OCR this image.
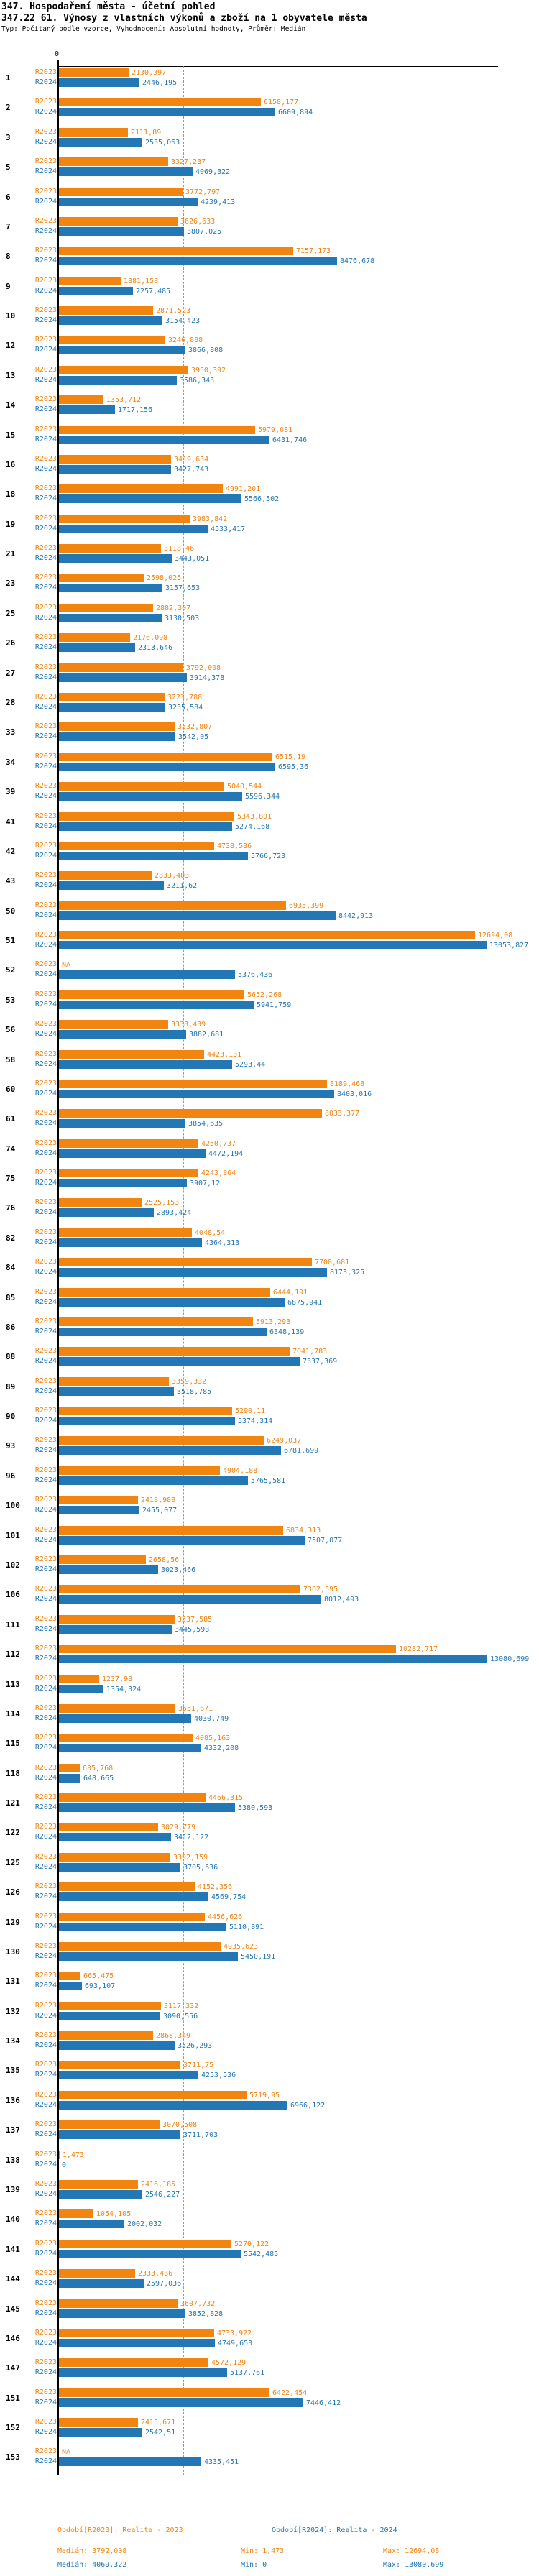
347. Hospodaření města - účetní pohled
347.22 61. Výnosy z vlastních výkonů a zboží na 1 obyvatele města
Typ: Počítaný podle vzorce, Vyhodnocení: Absolutní hodnoty, Průměr: Medián
0
1
R2023	2130,397
R2024	2446,195
2
R2023	6158,177
R2024	6609,894
3
R2023	2111,89
R2024	2535,063
5
R2023	3327,237
R2024	4069,322
6
R2023	3772,797
R2024	4239,413
7
R2023	3626,633
R2024	3807,025
8
R2023	7157,173
R2024	8476,678
9
R2023	1881,158
R2024	2257,485
10
R2023	2871,523
R2024	3154,423
12
R2023	3246,888
R2024	3866,808
13
R2023	3950,392
R2024	3586,343
14
R2023	1353,712
R2024	1717,156
15
R2023	5979,081
R2024	6431,746
16
R2023	3419,634
R2024	3427,743
18
R2023	4991,201
R2024	5566,502
19
R2023	3983,842
R2024	4533,417
21
R2023	3118,46
R2024	3443,051
23
R2023	2598,025
R2024	3157,653
25
R2023	2882,307
R2024	3130,503
26
R2023	2176,098
R2024	2313,646
27
R2023	3792,008
R2024	3914,378
28
R2023	3223,788
R2024	3235,584
33
R2023	3532,807
R2024	3542,05
34
R2023	6515,19
R2024	6595,36
39
R2023	5040,544
R2024	5596,344
41
R2023	5343,801
R2024	5274,168
42
R2023	4738,536
R2024	5766,723
43
R2023	2833,403
R2024	3211,62
50
R2023	6935,399
R2024	8442,913
51
R2023	12694,08
R2024	13053,827
52
R2023 NA
R2024	5376,436
53
R2023	5652,268
R2024	5941,759
56
R2023	3338,439
R2024	3882,681
58
R2023	4423,131
R2024	5293,44
60
R2023	8189,468
R2024	8403,016
61
R2023	8033,377
R2024	3854,635
74
R2023	4250,737
R2024	4472,194
75
R2023	4243,864
R2024	3907,12
76
R2023	2525,153
R2024	2893,424
82
R2023	4048,54
R2024	4364,313
84
R2023	7708,681
R2024	8173,325
85
R2023	6444,191
R2024	6875,941
86
R2023	5913,293
R2024	6348,139
88
R2023	7041,783
R2024	7337,369
89
R2023	3359,332
R2024	3518,785
90
R2023	5290,11
R2024	5374,314
93
R2023	6249,037
R2024	6781,699
96
R2023	4904,188
R2024	5765,581
100
R2023	2418,988
R2024	2455,077
101
R2023	6834,313
R2024	7507,077
102
R2023	2658,56
R2024	3023,466
106
R2023	7362,595
R2024	8012,493
111
R2023	3537,585
R2024	3445,598
112
R2023	10282,717
R2024	13080,699
113
R2023	1237,98
R2024	1354,324
114
R2023	3551,671
R2024	4030,749
115
R2023	4085,163
R2024	4332,208
118
R2023	635,768
R2024	648,665
121
R2023	4466,315
R2024	5380,593
122
R2023	3029,779
R2024	3412,122
125
R2023	3392,159
R2024	3705,636
126
R2023	4152,356
R2024	4569,754
129
R2023	4456,626
R2024	5110,891
130
R2023	4935,623
R2024	5450,191
131
R2023	665,475
R2024	693,107
132
R2023	3117,332
R2024	3090,556
134
R2023	2868,349
R2024	3526,293
135
R2023	3711,75
R2024	4253,536
136
R2023	5719,95
R2024	6966,122
137
R2023	3070,508
R2024	3711,703
138
R2023 1,473
R2024 0
139
R2023	2416,185
R2024	2546,227
140
R2023	1054,105
R2024	2002,032
141
R2023	5270,122
R2024	5542,485
144
R2023	2333,436
R2024	2597,036
145
R2023	3607,732
R2024	3852,828
146
R2023	4733,922
R2024	4749,653
147
R2023	4572,129
R2024	5137,761
151
R2023	6422,454
R2024	7446,412
152
R2023	2415,671
R2024	2542,51
153
R2023 NA
R2024	4335,451
Období[R2023]: Realita - 2023	Období[R2024]: Realita - 2024
Medián: 3792,008	Min: 1,473	Max: 12694,08
Medián: 4069,322	Min: 0	Max: 13080,699
